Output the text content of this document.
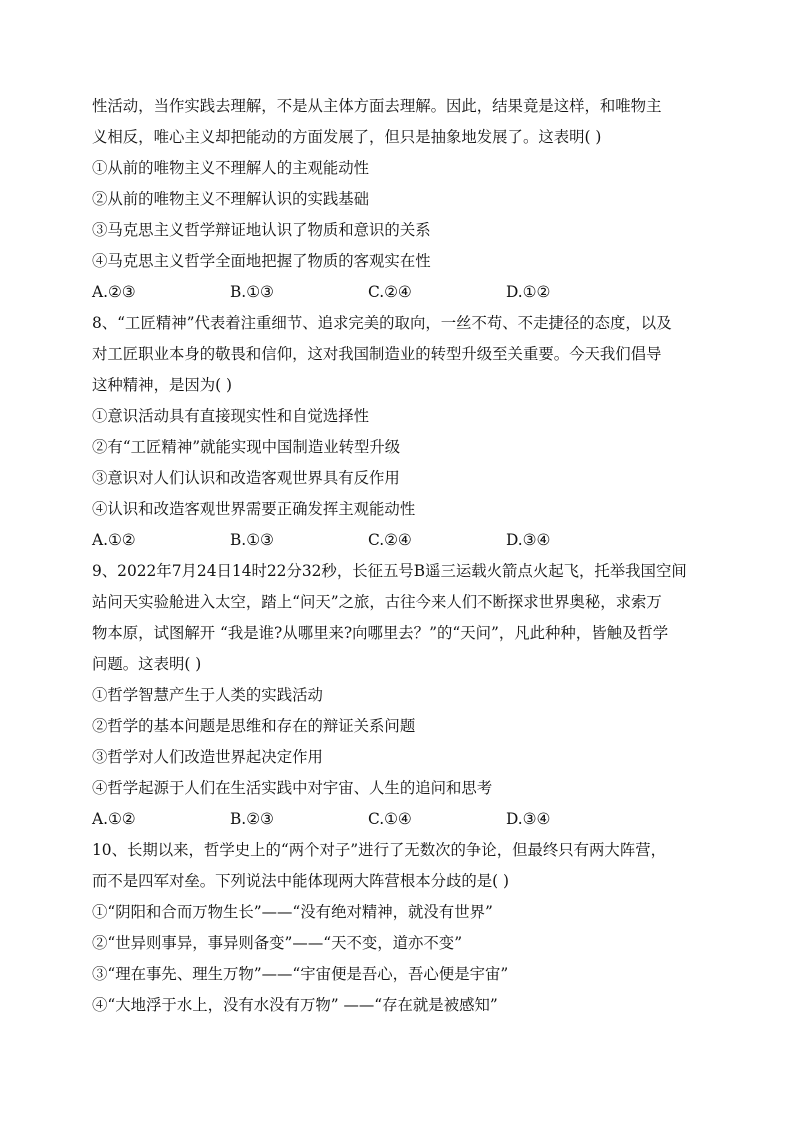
性活动，当作实践去理解，不是从主体方面去理解。因此，结果竟是这样，和唯物主
义相反，唯心主义却把能动的方面发展了，但只是抽象地发展了。这表明( )
①从前的唯物主义不理解人的主观能动性
②从前的唯物主义不理解认识的实践基础
③马克思主义哲学辩证地认识了物质和意识的关系
④马克思主义哲学全面地把握了物质的客观实在性
A.②③	B.①③	C.②④	D.①②
8、“工匠精神”代表着注重细节、追求完美的取向，一丝不苟、不走捷径的态度，以及
对工匠职业本身的敬畏和信仰，这对我国制造业的转型升级至关重要。今天我们倡导
这种精神，是因为( )
①意识活动具有直接现实性和自觉选择性
②有“工匠精神”就能实现中国制造业转型升级
③意识对人们认识和改造客观世界具有反作用
④认识和改造客观世界需要正确发挥主观能动性
A.①②	B.①③	C.②④	D.③④
9、2022年7月24日14时22分32秒，长征五号B遥三运载火箭点火起飞，托举我国空间
站问天实验舱进入太空，踏上“问天”之旅，古往今来人们不断探求世界奥秘，求索万
物本原，试图解开 “我是谁?从哪里来?向哪里去？”的“天问”，凡此种种，皆触及哲学
问题。这表明( )
①哲学智慧产生于人类的实践活动
②哲学的基本问题是思维和存在的辩证关系问题
③哲学对人们改造世界起决定作用
④哲学起源于人们在生活实践中对宇宙、人生的追问和思考
A.①②	B.②③	C.①④	D.③④
10、长期以来，哲学史上的“两个对子”进行了无数次的争论，但最终只有两大阵营，
而不是四军对垒。下列说法中能体现两大阵营根本分歧的是( )
①“阴阳和合而万物生长”——“没有绝对精神，就没有世界”
②“世异则事异，事异则备变”——“天不变，道亦不变”
③“理在事先、理生万物”——“宇宙便是吾心，吾心便是宇宙”
④“大地浮于水上，没有水没有万物” ——“存在就是被感知”
